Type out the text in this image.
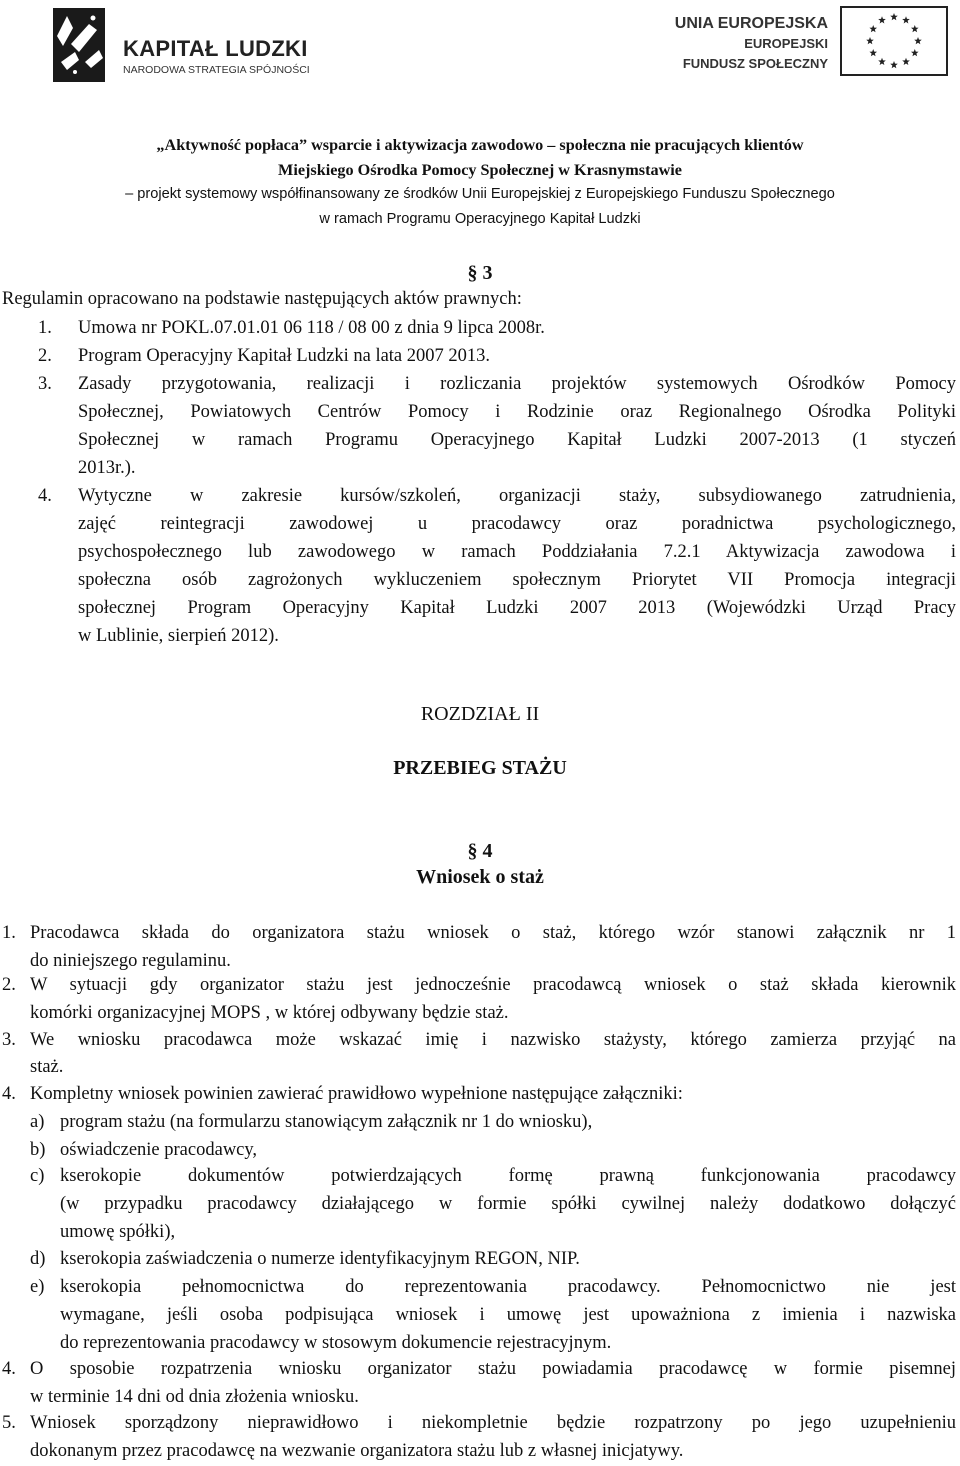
KAPITAŁ LUDZKI
NARODOWA STRATEGIA SPÓJNOŚCI
UNIA EUROPEJSKA
EUROPEJSKI
FUNDUSZ SPOŁECZNY
„Aktywność popłaca” wsparcie i aktywizacja zawodowo – społeczna nie pracujących klientów
Miejskiego Ośrodka Pomocy Społecznej w Krasnymstawie
– projekt systemowy współfinansowany ze środków Unii Europejskiej z Europejskiego Funduszu Społecznego
w ramach Programu Operacyjnego Kapitał Ludzki
§ 3
Regulamin opracowano na podstawie następujących aktów prawnych:
1. Umowa nr POKL.07.01.01 06 118 / 08 00 z dnia 9 lipca 2008r.
2. Program Operacyjny Kapitał Ludzki na lata 2007 2013.
3. Zasady przygotowania, realizacji i rozliczania projektów systemowych Ośrodków Pomocy
Społecznej, Powiatowych Centrów Pomocy i Rodzinie oraz Regionalnego Ośrodka Polityki
Społecznej w ramach Programu Operacyjnego Kapitał Ludzki 2007-2013 (1 styczeń
2013r.).
4. Wytyczne w zakresie kursów/szkoleń, organizacji staży, subsydiowanego zatrudnienia,
zajęć reintegracji zawodowej u pracodawcy oraz poradnictwa psychologicznego,
psychospołecznego lub zawodowego w ramach Poddziałania 7.2.1 Aktywizacja zawodowa i
społeczna osób zagrożonych wykluczeniem społecznym Priorytet VII Promocja integracji
społecznej Program Operacyjny Kapitał Ludzki 2007 2013 (Wojewódzki Urząd Pracy
w Lublinie, sierpień 2012).
ROZDZIAŁ II
PRZEBIEG STAŻU
§ 4
Wniosek o staż
1. Pracodawca składa do organizatora stażu wniosek o staż, którego wzór stanowi załącznik nr 1
do niniejszego regulaminu.
2. W sytuacji gdy organizator stażu jest jednocześnie pracodawcą wniosek o staż składa kierownik
komórki organizacyjnej MOPS , w której odbywany będzie staż.
3. We wniosku pracodawca może wskazać imię i nazwisko stażysty, którego zamierza przyjąć na
staż.
4. Kompletny wniosek powinien zawierać prawidłowo wypełnione następujące załączniki:
a) program stażu (na formularzu stanowiącym załącznik nr 1 do wniosku),
b) oświadczenie pracodawcy,
c) kserokopie dokumentów potwierdzających formę prawną funkcjonowania pracodawcy
(w przypadku pracodawcy działającego w formie spółki cywilnej należy dodatkowo dołączyć
umowę spółki),
d) kserokopia zaświadczenia o numerze identyfikacyjnym REGON, NIP.
e) kserokopia pełnomocnictwa do reprezentowania pracodawcy. Pełnomocnictwo nie jest
wymagane, jeśli osoba podpisująca wniosek i umowę jest upoważniona z imienia i nazwiska
do reprezentowania pracodawcy w stosowym dokumencie rejestracyjnym.
4. O sposobie rozpatrzenia wniosku organizator stażu powiadamia pracodawcę w formie pisemnej
w terminie 14 dni od dnia złożenia wniosku.
5. Wniosek sporządzony nieprawidłowo i niekompletnie będzie rozpatrzony po jego uzupełnieniu
dokonanym przez pracodawcę na wezwanie organizatora stażu lub z własnej inicjatywy.
